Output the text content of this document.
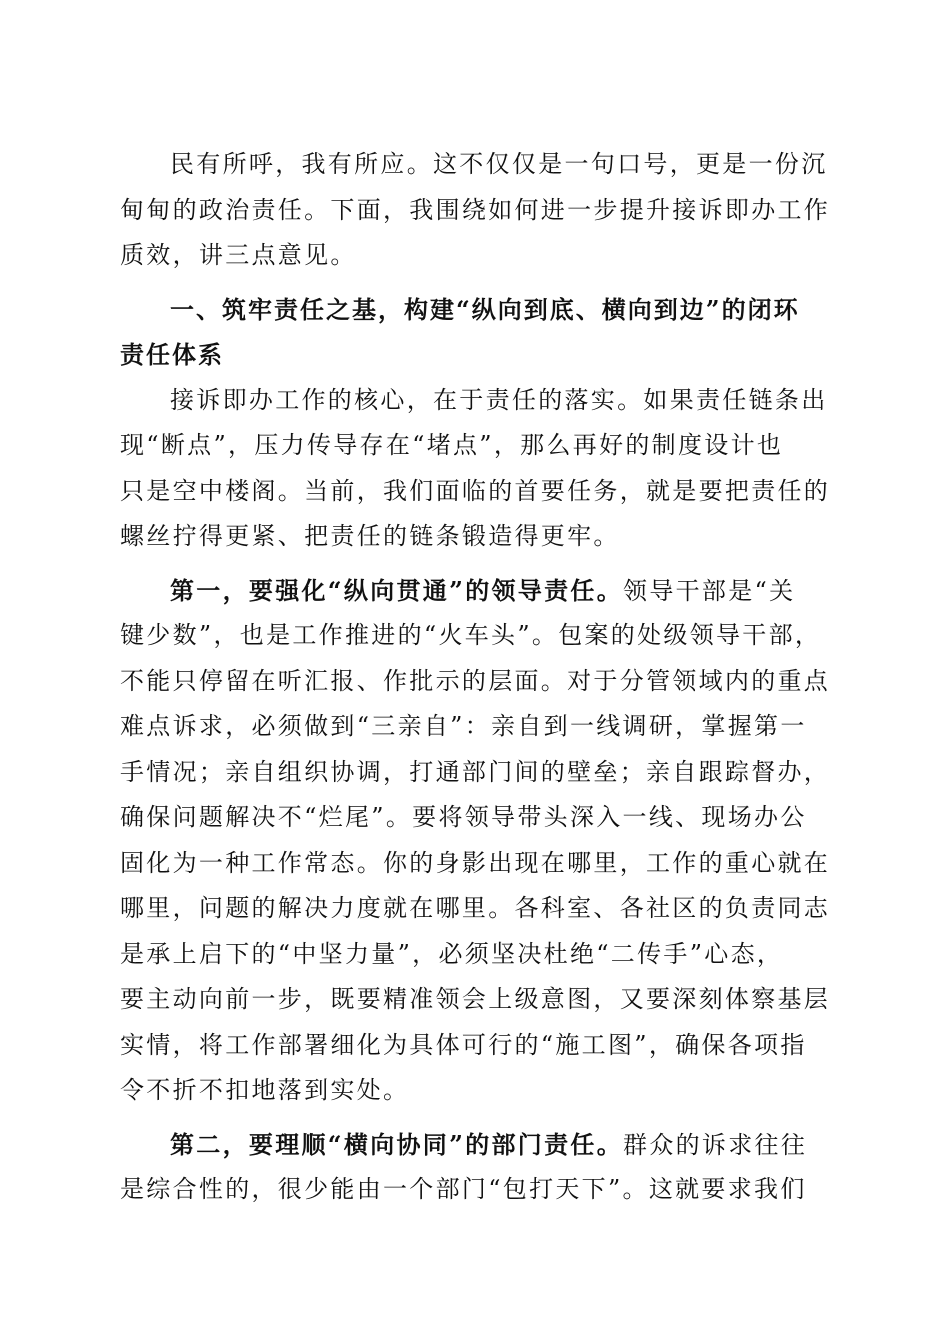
民有所呼，我有所应。这不仅仅是一句口号，更是一份沉
甸甸的政治责任。下面，我围绕如何进一步提升接诉即办工作
质效，讲三点意见。
一、筑牢责任之基，构建“纵向到底、横向到边”的闭环
责任体系
接诉即办工作的核心，在于责任的落实。如果责任链条出
现“断点”，压力传导存在“堵点”，那么再好的制度设计也
只是空中楼阁。当前，我们面临的首要任务，就是要把责任的
螺丝拧得更紧、把责任的链条锻造得更牢。
第一，要强化“纵向贯通”的领导责任。领导干部是“关
键少数”，也是工作推进的“火车头”。包案的处级领导干部，
不能只停留在听汇报、作批示的层面。对于分管领域内的重点
难点诉求，必须做到“三亲自”：亲自到一线调研，掌握第一
手情况；亲自组织协调，打通部门间的壁垒；亲自跟踪督办，
确保问题解决不“烂尾”。要将领导带头深入一线、现场办公
固化为一种工作常态。你的身影出现在哪里，工作的重心就在
哪里，问题的解决力度就在哪里。各科室、各社区的负责同志
是承上启下的“中坚力量”，必须坚决杜绝“二传手”心态，
要主动向前一步，既要精准领会上级意图，又要深刻体察基层
实情，将工作部署细化为具体可行的“施工图”，确保各项指
令不折不扣地落到实处。
第二，要理顺“横向协同”的部门责任。群众的诉求往往
是综合性的，很少能由一个部门“包打天下”。这就要求我们
